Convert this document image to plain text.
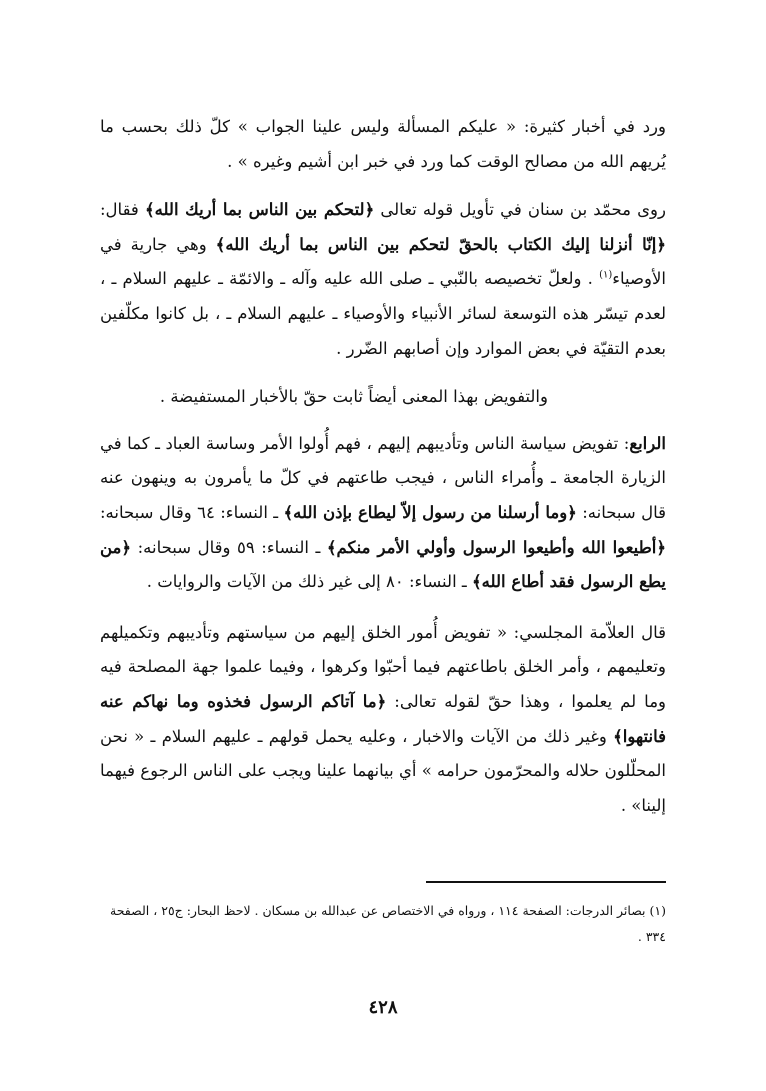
ورد في أخبار كثيرة: « عليكم المسألة وليس علينا الجواب » كلّ ذلك بحسب ما يُريهم الله من مصالح الوقت كما ورد في خبر ابن أشيم وغيره » .

روى محمّد بن سنان في تأويل قوله تعالى ﴿لتحكم بين الناس بما أريك الله﴾ فقال: ﴿إنّا أنزلنا إليك الكتاب بالحقّ لتحكم بين الناس بما أريك الله﴾ وهي جارية في الأوصياء$^{(١)}$ . ولعلّ تخصيصه بالنّبي ـ صلى الله عليه وآله ـ والائمّة ـ عليهم السلام ـ ، لعدم تيسّر هذه التوسعة لسائر الأنبياء والأوصياء ـ عليهم السلام ـ ، بل كانوا مكلّفين بعدم التقيّة في بعض الموارد وإن أصابهم الضّرر .

والتفويض بهذا المعنى أيضاً ثابت حقّ بالأخبار المستفيضة .

الرابع: تفويض سياسة الناس وتأديبهم إليهم ، فهم أُولوا الأمر وساسة العباد ـ كما في الزيارة الجامعة ـ وأُمراء الناس ، فيجب طاعتهم في كلّ ما يأمرون به وينهون عنه قال سبحانه: ﴿وما أرسلنا من رسول إلاّ ليطاع بإذن الله﴾ ـ النساء: ٦٤ وقال سبحانه: ﴿أطيعوا الله وأطيعوا الرسول وأولي الأمر منكم﴾ ـ النساء: ٥٩ وقال سبحانه: ﴿من يطع الرسول فقد أطاع الله﴾ ـ النساء: ٨٠ إلى غير ذلك من الآيات والروايات .

قال العلاّمة المجلسي: « تفويض أُمور الخلق إليهم من سياستهم وتأديبهم وتكميلهم وتعليمهم ، وأمر الخلق باطاعتهم فيما أحبّوا وكرهوا ، وفيما علموا جهة المصلحة فيه وما لم يعلموا ، وهذا حقّ لقوله تعالى: ﴿ما آتاكم الرسول فخذوه وما نهاكم عنه فانتهوا﴾ وغير ذلك من الآيات والاخبار ، وعليه يحمل قولهم ـ عليهم السلام ـ « نحن المحلّلون حلاله والمحرّمون حرامه » أي بيانهما علينا ويجب على الناس الرجوع فيهما إلينا» .

(١) بصائر الدرجات: الصفحة ١١٤ ، ورواه في الاختصاص عن عبدالله بن مسكان . لاحظ البحار: ج٢٥ ، الصفحة ٣٣٤ .
٤٢٨
